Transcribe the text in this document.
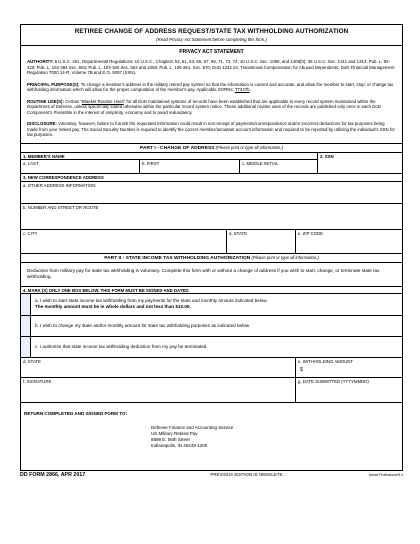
RETIREE CHANGE OF ADDRESS REQUEST/STATE TAX WITHHOLDING AUTHORIZATION
(Read Privacy Act Statement before completing this form.)
PRIVACY ACT STATEMENT
AUTHORITY: 5 U.S.C. 301, Departmental Regulations; 10 U.S.C., Chapters 53, 61, 63, 65, 67, 69, 71, 73, 74; 10 U.S.C. Sec. 1059, and 1408(h); 38 U.S.C. Sec. 1311 and 1313; Pub. L. 92-425; Pub. L. 102-484 Sec. 653; Pub. L. 103-160 Sec. 554 and 1058; Pub. L. 105-261, Sec. 570; DoD 1342.24, Transitional Compensation for Abused Dependents; DoD Financial Management Regulation 7000.14-R, Volume 7B and E.O. 9397 (SSN).
PRINCIPAL PURPOSE(S): To change a member's address in the military retired pay system so that the information is current and accurate, and allow the member to start, stop, or change tax withholding information which will allow for the proper computation of the member's pay. Applicable SORNs: T7347b.
ROUTINE USE(S): Certain "Blanket Routine Uses" for all DoD maintained systems of records have been established that are applicable to every record system maintained within the Department of Defense, unless specifically stated otherwise within the particular record system notice. These additional routine uses of the records are published only once in each DoD Component's Preamble in the interest of simplicity, economy and to avoid redundancy.
DISCLOSURE: Voluntary; however, failure to furnish the requested information could result in non-receipt of payments/correspondence and/or incorrect deductions for tax purposes being made from your retired pay. The Social Security Number is required to identify the correct member/annuitant account information and required to be reported by utilizing the individual's SSN for tax purposes.
PART I - CHANGE OF ADDRESS (Please print or type all information.)
1. MEMBER'S NAME
a. LAST	b. FIRST	c. MIDDLE INITIAL
2. SSN
3. NEW CORRESPONDENCE ADDRESS
a. OTHER ADDRESS INFORMATION
b. NUMBER AND STREET OR ROUTE
c. CITY	d. STATE	e. ZIP CODE
PART II - STATE INCOME TAX WITHHOLDING AUTHORIZATION (Please print or type all information.)
Deduction from military pay for state tax withholding is voluntary. Complete this form with or without a change of address if you wish to start, change, or terminate state tax withholding.
4. MARK (X) ONLY ONE BOX BELOW. THIS FORM MUST BE SIGNED AND DATED.
a. I wish to start state income tax withholding from my payments for the state and monthly amount indicated below.
The monthly amount must be in whole dollars and not less than $10.00.
b. I wish to change my state and/or monthly amount for state tax withholding purposes as indicated below.
c. I authorize that state income tax withholding deduction from my pay be terminated.
d. STATE	e. WITHHOLDING AMOUNT
$
f. SIGNATURE	g. DATE SUBMITTED (YYYYMMDD)
RETURN COMPLETED AND SIGNED FORM TO:
Defense Finance and Accounting Service
US Military Retired Pay
8899 E. 56th Street
Indianapolis, IN 46249-1200
DD FORM 2866, APR 2017	PREVIOUS EDITION IS OBSOLETE.	Adobe Professional 8.0
